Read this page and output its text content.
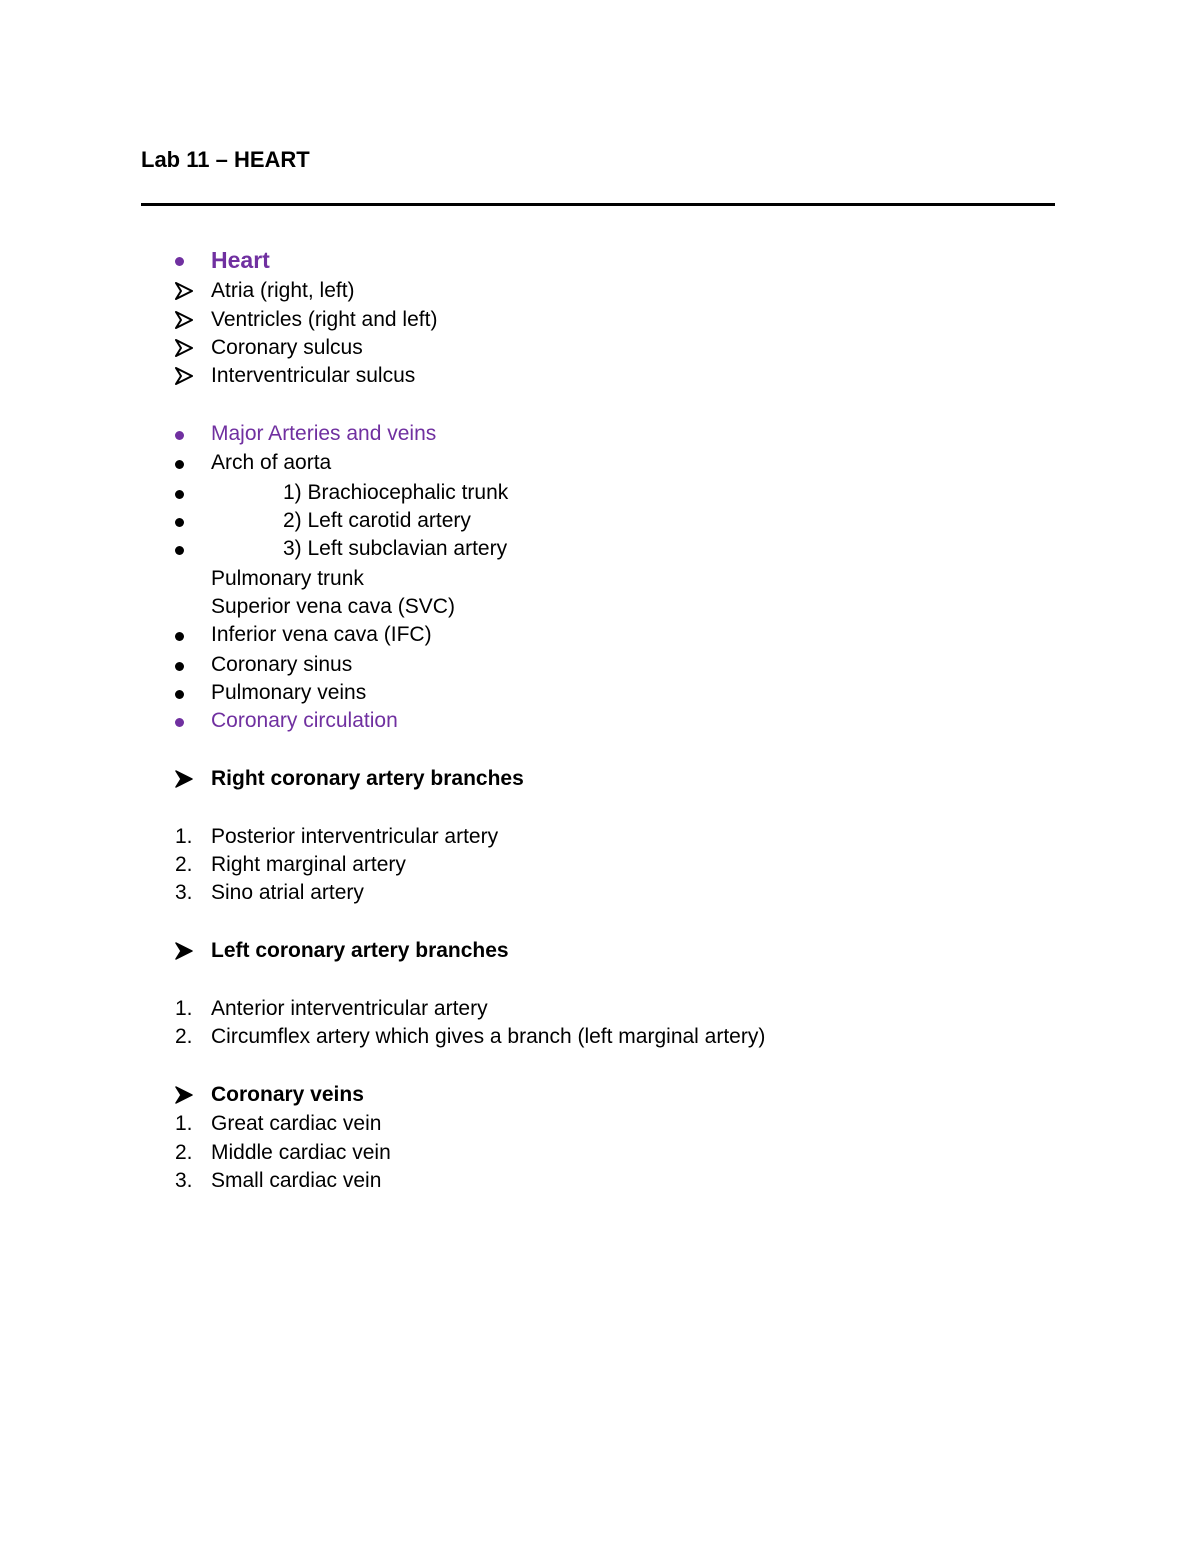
Lab 11 – HEART
Heart
Atria (right, left)
Ventricles (right and left)
Coronary sulcus
Interventricular sulcus
Major Arteries and veins
Arch of aorta
1) Brachiocephalic trunk
2) Left carotid artery
3) Left subclavian artery
Pulmonary trunk
Superior vena cava (SVC)
Inferior vena cava (IFC)
Coronary sinus
Pulmonary veins
Coronary circulation
Right coronary artery branches
1. Posterior interventricular artery
2. Right marginal artery
3. Sino atrial artery
Left coronary artery branches
1. Anterior interventricular artery
2. Circumflex artery which gives a branch (left marginal artery)
Coronary veins
1. Great cardiac vein
2. Middle cardiac vein
3. Small cardiac vein
